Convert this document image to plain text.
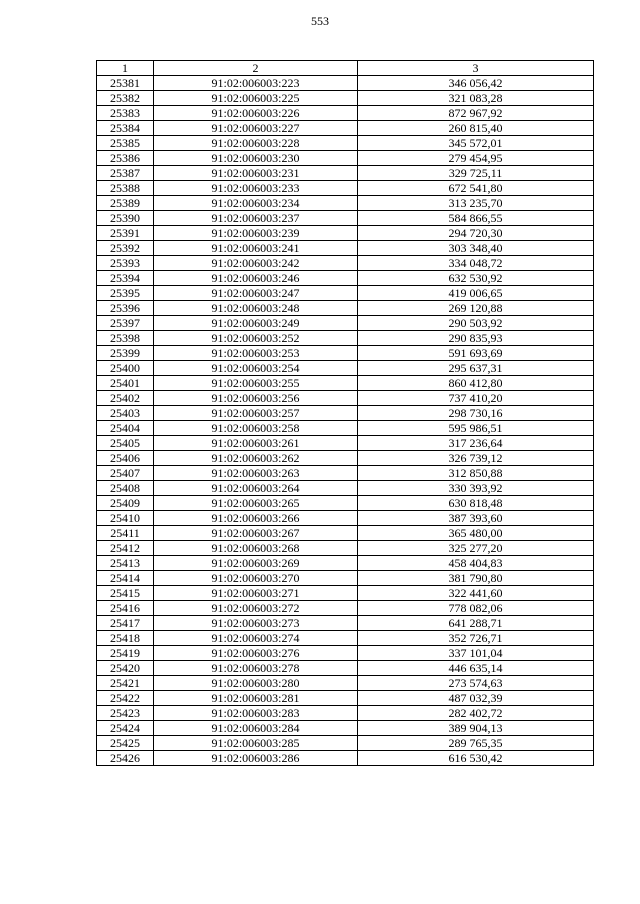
553
1	2	3
25381	91:02:006003:223	346 056,42
25382	91:02:006003:225	321 083,28
25383	91:02:006003:226	872 967,92
25384	91:02:006003:227	260 815,40
25385	91:02:006003:228	345 572,01
25386	91:02:006003:230	279 454,95
25387	91:02:006003:231	329 725,11
25388	91:02:006003:233	672 541,80
25389	91:02:006003:234	313 235,70
25390	91:02:006003:237	584 866,55
25391	91:02:006003:239	294 720,30
25392	91:02:006003:241	303 348,40
25393	91:02:006003:242	334 048,72
25394	91:02:006003:246	632 530,92
25395	91:02:006003:247	419 006,65
25396	91:02:006003:248	269 120,88
25397	91:02:006003:249	290 503,92
25398	91:02:006003:252	290 835,93
25399	91:02:006003:253	591 693,69
25400	91:02:006003:254	295 637,31
25401	91:02:006003:255	860 412,80
25402	91:02:006003:256	737 410,20
25403	91:02:006003:257	298 730,16
25404	91:02:006003:258	595 986,51
25405	91:02:006003:261	317 236,64
25406	91:02:006003:262	326 739,12
25407	91:02:006003:263	312 850,88
25408	91:02:006003:264	330 393,92
25409	91:02:006003:265	630 818,48
25410	91:02:006003:266	387 393,60
25411	91:02:006003:267	365 480,00
25412	91:02:006003:268	325 277,20
25413	91:02:006003:269	458 404,83
25414	91:02:006003:270	381 790,80
25415	91:02:006003:271	322 441,60
25416	91:02:006003:272	778 082,06
25417	91:02:006003:273	641 288,71
25418	91:02:006003:274	352 726,71
25419	91:02:006003:276	337 101,04
25420	91:02:006003:278	446 635,14
25421	91:02:006003:280	273 574,63
25422	91:02:006003:281	487 032,39
25423	91:02:006003:283	282 402,72
25424	91:02:006003:284	389 904,13
25425	91:02:006003:285	289 765,35
25426	91:02:006003:286	616 530,42
